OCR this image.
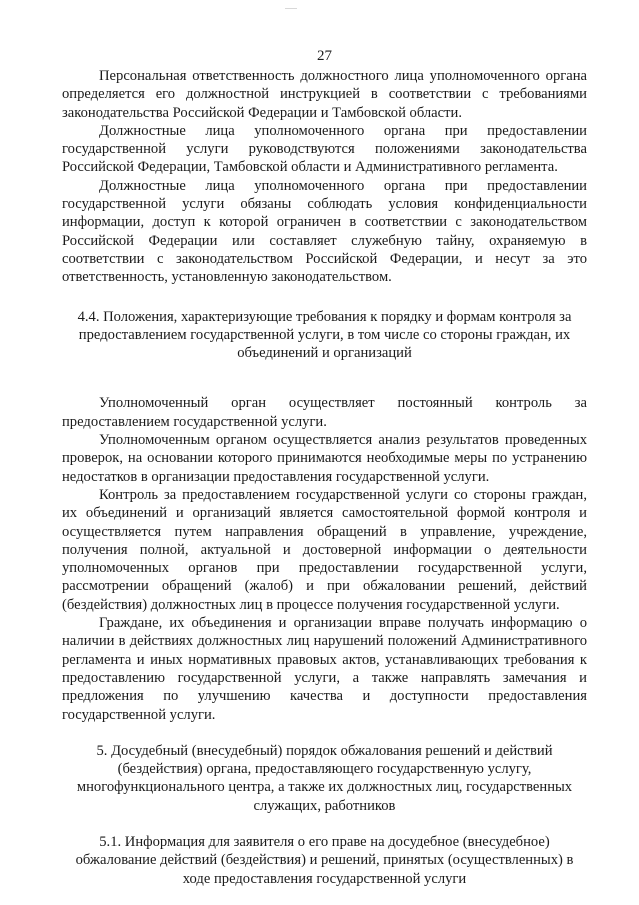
27

Персональная ответственность должностного лица уполномоченного органа определяется его должностной инструкцией в соответствии с требованиями законодательства Российской Федерации и Тамбовской области.

Должностные лица уполномоченного органа при предоставлении государственной услуги руководствуются положениями законодательства Российской Федерации, Тамбовской области и Административного регламента.

Должностные лица уполномоченного органа при предоставлении государственной услуги обязаны соблюдать условия конфиденциальности информации, доступ к которой ограничен в соответствии с законодательством Российской Федерации или составляет служебную тайну, охраняемую в соответствии с законодательством Российской Федерации, и несут за это ответственность, установленную законодательством.

4.4. Положения, характеризующие требования к порядку и формам контроля за предоставлением государственной услуги, в том числе со стороны граждан, их объединений и организаций

Уполномоченный орган осуществляет постоянный контроль за предоставлением государственной услуги.

Уполномоченным органом осуществляется анализ результатов проведенных проверок, на основании которого принимаются необходимые меры по устранению недостатков в организации предоставления государственной услуги.

Контроль за предоставлением государственной услуги со стороны граждан, их объединений и организаций является самостоятельной формой контроля и осуществляется путем направления обращений в управление, учреждение, получения полной, актуальной и достоверной информации о деятельности уполномоченных органов при предоставлении государственной услуги, рассмотрении обращений (жалоб) и при обжаловании решений, действий (бездействия) должностных лиц в процессе получения государственной услуги.

Граждане, их объединения и организации вправе получать информацию о наличии в действиях должностных лиц нарушений положений Административного регламента и иных нормативных правовых актов, устанавливающих требования к предоставлению государственной услуги, а также направлять замечания и предложения по улучшению качества и доступности предоставления государственной услуги.

5. Досудебный (внесудебный) порядок обжалования решений и действий (бездействия) органа, предоставляющего государственную услугу, многофункционального центра, а также их должностных лиц, государственных служащих, работников

5.1. Информация для заявителя о его праве на досудебное (внесудебное) обжалование действий (бездействия) и решений, принятых (осуществленных) в ходе предоставления государственной услуги
